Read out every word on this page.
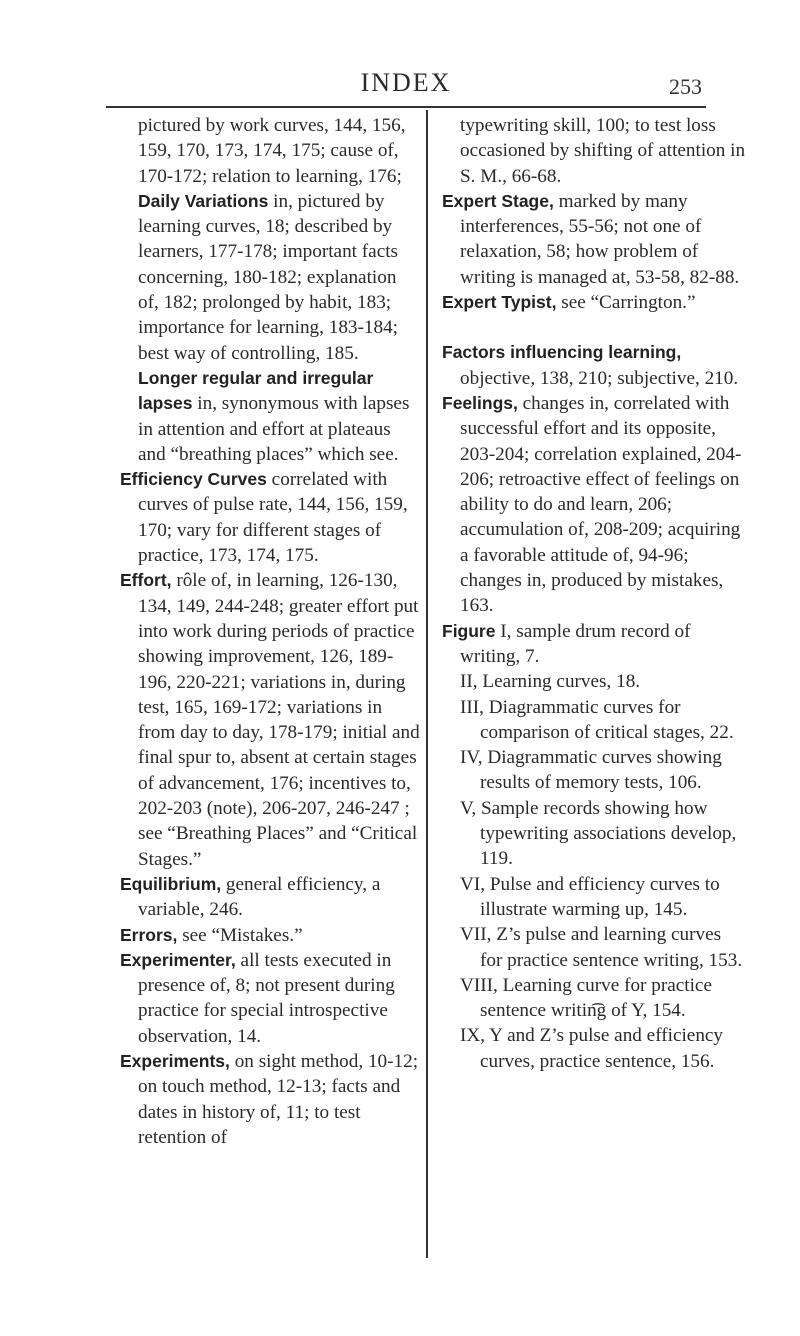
INDEX	253

pictured by work curves, 144, 156, 159, 170, 173, 174, 175; cause of, 170-172; relation to learning, 176; Daily Variations in, pictured by learning curves, 18; described by learners, 177-178; important facts concerning, 180-182; explanation of, 182; prolonged by habit, 183; importance for learning, 183-184; best way of controlling, 185. Longer regular and irregular lapses in, synonymous with lapses in attention and effort at plateaus and “breathing places” which see.

Efficiency Curves correlated with curves of pulse rate, 144, 156, 159, 170; vary for different stages of practice, 173, 174, 175.

Effort, rôle of, in learning, 126-130, 134, 149, 244-248; greater effort put into work during periods of practice showing improvement, 126, 189-196, 220-221; variations in, during test, 165, 169-172; variations in from day to day, 178-179; initial and final spur to, absent at certain stages of advancement, 176; incentives to, 202-203 (note), 206-207, 246-247 ; see “Breathing Places” and “Critical Stages.”

Equilibrium, general efficiency, a variable, 246.

Errors, see “Mistakes.”

Experimenter, all tests executed in presence of, 8; not present during practice for special introspective observation, 14.

Experiments, on sight method, 10-12; on touch method, 12-13; facts and dates in history of, 11; to test retention of

typewriting skill, 100; to test loss occasioned by shifting of attention in S. M., 66-68.

Expert Stage, marked by many interferences, 55-56; not one of relaxation, 58; how problem of writing is managed at, 53-58, 82-88.

Expert Typist, see “Carrington.”

Factors influencing learning, objective, 138, 210; subjective, 210.

Feelings, changes in, correlated with successful effort and its opposite, 203-204; correlation explained, 204-206; retroactive effect of feelings on ability to do and learn, 206; accumulation of, 208-209; acquiring a favorable attitude of, 94-96; changes in, produced by mistakes, 163.

Figure I, sample drum record of writing, 7.

II, Learning curves, 18.

III, Diagrammatic curves for comparison of critical stages, 22.

IV, Diagrammatic curves showing results of memory tests, 106.

V, Sample records showing how typewriting associations develop, 119.

VI, Pulse and efficiency curves to illustrate warming up, 145.

VII, Z’s pulse and learning curves for practice sentence writing, 153.

VIII, Learning curve for practice sentence writin͡g of Y, 154.

IX, Y and Z’s pulse and efficiency curves, practice sentence, 156.
